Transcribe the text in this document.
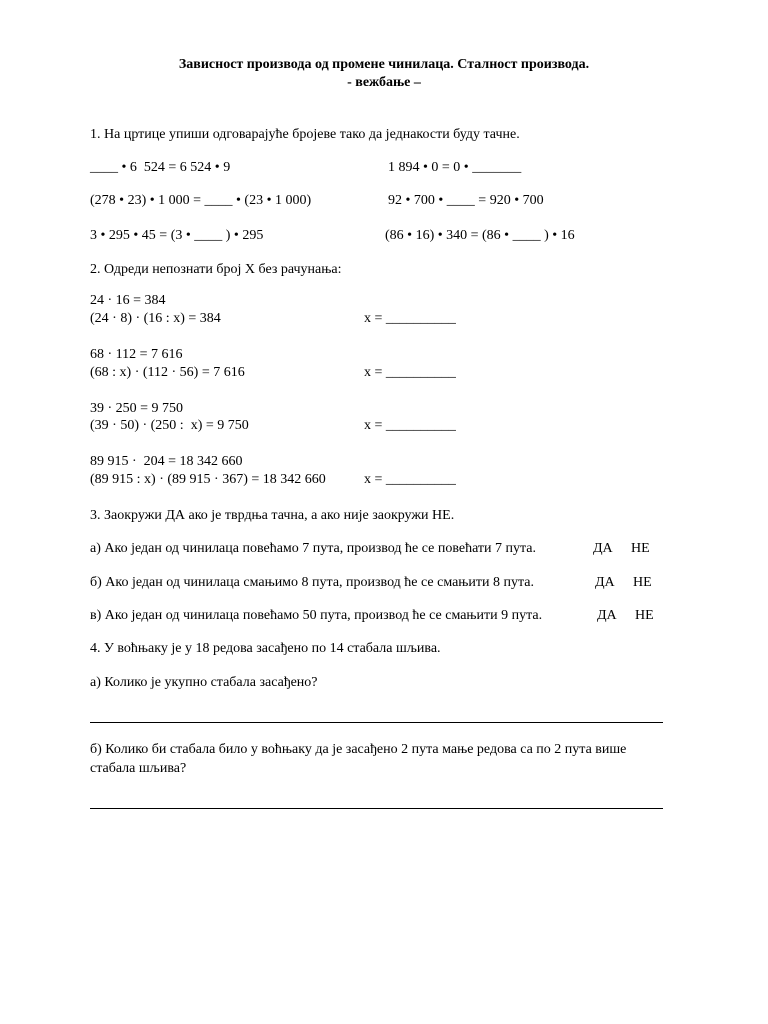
Зависност производа од промене чинилаца. Сталност производа.
- вежбање –
1. На цртице упиши одговарајуће бројеве тако да једнакости буду тачне.
____ • 6  524 = 6 524 • 9	1 894 • 0 = 0 • _______
(278 • 23) • 1 000 = ____ • (23 • 1 000)	92 • 700 • ____ = 920 • 700
3 • 295 • 45 = (3 • ____ ) • 295	(86 • 16) • 340 = (86 • ____ ) • 16
2. Одреди непознати број X без рачунања:
24 · 16 = 384
(24 · 8) · (16 : x) = 384	x = __________
68 · 112 = 7 616
(68 : x) · (112 · 56) = 7 616	x = __________
39 · 250 = 9 750
(39 · 50) · (250 :  x) = 9 750	x = __________
89 915 ·  204 = 18 342 660
(89 915 : x) · (89 915 · 367) = 18 342 660	x = __________
3. Заокружи ДА ако је тврдња тачна, а ако није заокружи НЕ.
а) Ако један од чинилаца повећамо 7 пута, производ ће се повећати 7 пута.	ДА НЕ
б) Ако један од чинилаца смањимо 8 пута, производ ће се смањити 8 пута.	ДА НЕ
в) Ако један од чинилаца повећамо 50 пута, производ ће се смањити 9 пута.	ДА НЕ
4. У воћњаку је у 18 редова засађено по 14 стабала шљива.
а) Колико је укупно стабала засађено?
б) Колико би стабала било у воћњаку да је засађено 2 пута мање редова са по 2 пута више
стабала шљива?
